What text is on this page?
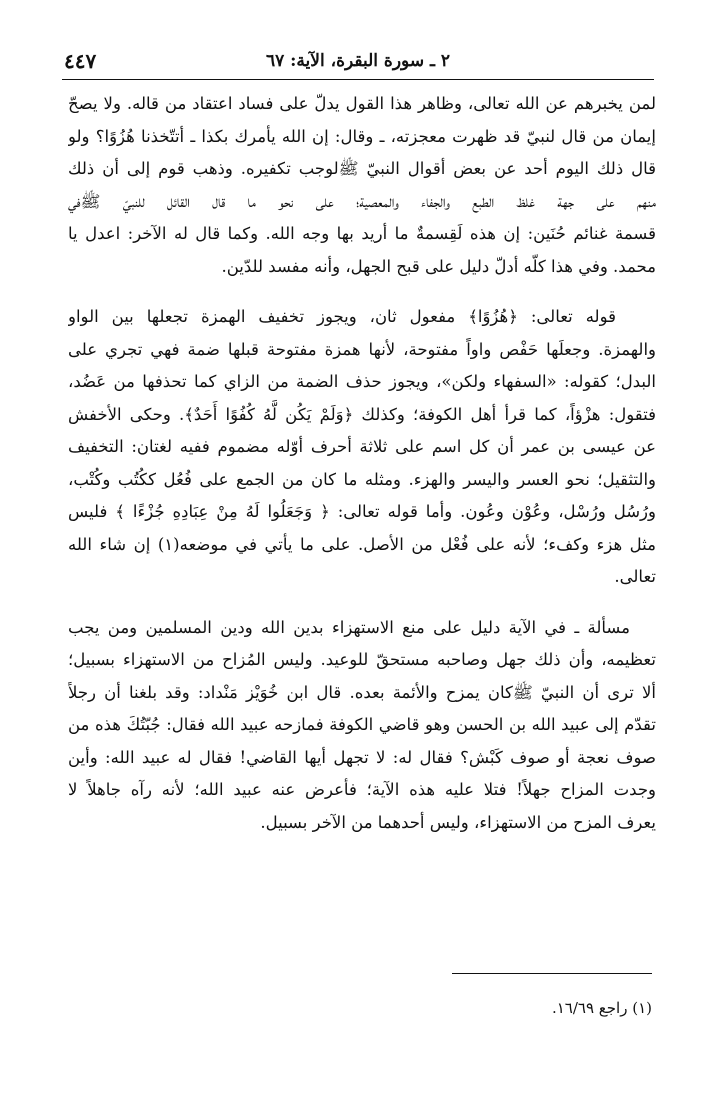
٢ ـ سورة البقرة، الآية: ٦٧
٤٤٧
لمن يخبرهم عن الله تعالى، وظاهر هذا القول يدلّ على فساد اعتقاد من قاله. ولا يصحّ
إيمان من قال لنبيّ قد ظهرت معجزته، ـ وقال: إن الله يأمرك بكذا ـ أتتّخذنا هُزُوًا؟ ولو
قال ذلك اليوم أحد عن بعض أقوال النبيّ ﷺلوجب تكفيره. وذهب قوم إلى أن ذلك
منهم على جهة غلظ الطبع والجفاء والمعصية؛ على نحو ما قال القائل للنبيّ ﷺفي
قسمة غنائم حُنَين: إن هذه لَقِسمةٌ ما أريد بها وجه الله. وكما قال له الآخر: اعدل يا
محمد. وفي هذا كلّه أدلّ دليل على قبح الجهل، وأنه مفسد للدّين.
قوله تعالى: ﴿هُزُوًا﴾ مفعول ثان، ويجوز تخفيف الهمزة تجعلها بين الواو
والهمزة. وجعلَها حَفْص واواً مفتوحة، لأنها همزة مفتوحة قبلها ضمة فهي تجري على
البدل؛ كقوله: «السفهاء ولكن»، ويجوز حذف الضمة من الزاي كما تحذفها من عَضُد،
فتقول: هزْؤاً، كما قرأ أهل الكوفة؛ وكذلك ﴿وَلَمْ يَكُن لَّهُ كُفُوًا أَحَدٌ﴾. وحكى الأخفش
عن عيسى بن عمر أن كل اسم على ثلاثة أحرف أوّله مضموم ففيه لغتان: التخفيف
والتثقيل؛ نحو العسر واليسر والهزء. ومثله ما كان من الجمع على فُعُل ككُتُب وكُتْب،
ورُسُل ورُسْل، وعُوْن وعُون. وأما قوله تعالى: ﴿ وَجَعَلُوا لَهُ مِنْ عِبَادِهِ جُزْءًا ﴾ فليس
مثل هزء وكفء؛ لأنه على فُعْل من الأصل. على ما يأتي في موضعه(١) إن شاء الله
تعالى.
مسألة ـ في الآية دليل على منع الاستهزاء بدين الله ودين المسلمين ومن يجب
تعظيمه، وأن ذلك جهل وصاحبه مستحقّ للوعيد. وليس المُزاح من الاستهزاء بسبيل؛
ألا ترى أن النبيّ ﷺكان يمزح والأئمة بعده. قال ابن خُوَيْز مَنْداد: وقد بلغنا أن رجلاً
تقدّم إلى عبيد الله بن الحسن وهو قاضي الكوفة فمازحه عبيد الله فقال: جُبّتُكَ هذه من
صوف نعجة أو صوف كَبْش؟ فقال له: لا تجهل أيها القاضي! فقال له عبيد الله: وأين
وجدت المزاح جهلاً! فتلا عليه هذه الآية؛ فأعرض عنه عبيد الله؛ لأنه رآه جاهلاً لا
يعرف المزح من الاستهزاء، وليس أحدهما من الآخر بسبيل.
(١) راجع ١٦/٦٩.
